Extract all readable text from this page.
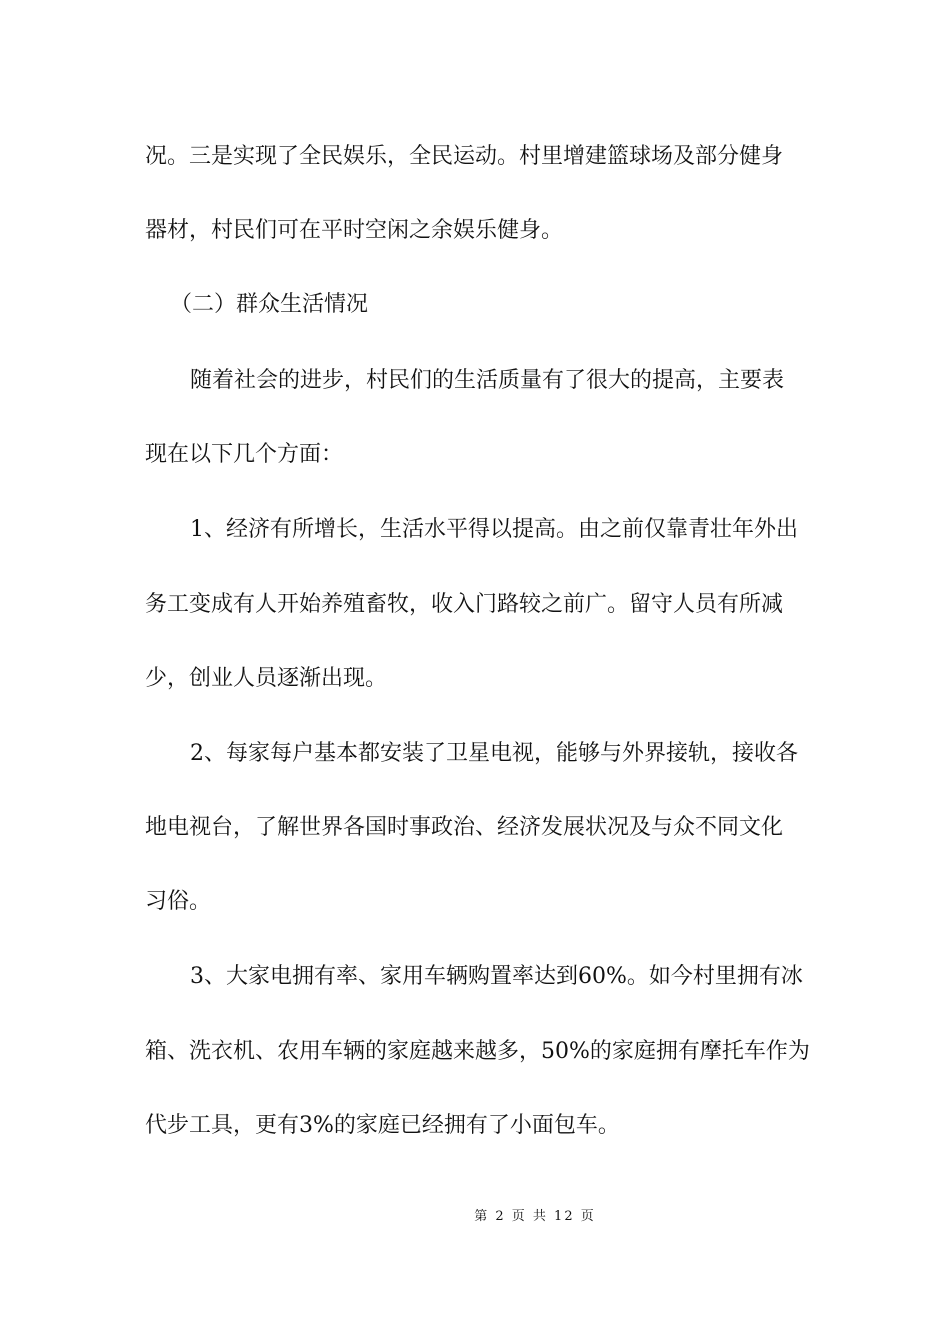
况。三是实现了全民娱乐，全民运动。村里增建篮球场及部分健身
器材，村民们可在平时空闲之余娱乐健身。
（二）群众生活情况
随着社会的进步，村民们的生活质量有了很大的提高，主要表
现在以下几个方面：
1、经济有所增长，生活水平得以提高。由之前仅靠青壮年外出
务工变成有人开始养殖畜牧，收入门路较之前广。留守人员有所减
少，创业人员逐渐出现。
2、每家每户基本都安装了卫星电视，能够与外界接轨，接收各
地电视台，了解世界各国时事政治、经济发展状况及与众不同文化
习俗。
3、大家电拥有率、家用车辆购置率达到60%。如今村里拥有冰
箱、洗衣机、农用车辆的家庭越来越多，50%的家庭拥有摩托车作为
代步工具，更有3%的家庭已经拥有了小面包车。
第 2 页 共 12 页
